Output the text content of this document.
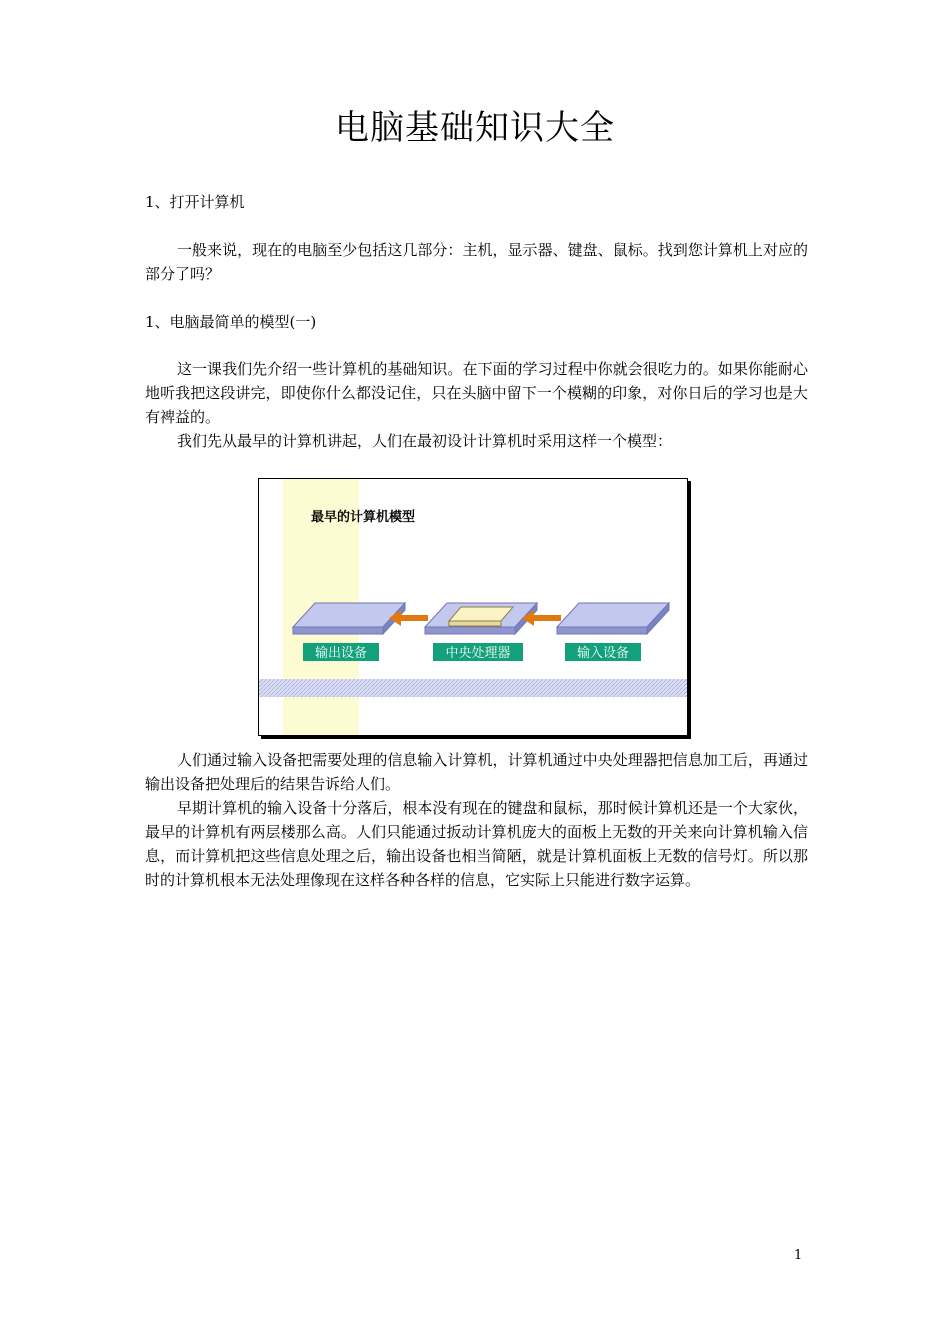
电脑基础知识大全
1、打开计算机
一般来说，现在的电脑至少包括这几部分：主机，显示器、键盘、鼠标。找到您计算机上对应的部分了吗？
1、电脑最简单的模型(一)
这一课我们先介绍一些计算机的基础知识。在下面的学习过程中你就会很吃力的。如果你能耐心地听我把这段讲完，即使你什么都没记住，只在头脑中留下一个模糊的印象，对你日后的学习也是大有裨益的。
我们先从最早的计算机讲起，人们在最初设计计算机时采用这样一个模型：
最早的计算机模型
输出设备	中央处理器	输入设备
人们通过输入设备把需要处理的信息输入计算机，计算机通过中央处理器把信息加工后，再通过输出设备把处理后的结果告诉给人们。
早期计算机的输入设备十分落后，根本没有现在的键盘和鼠标，那时候计算机还是一个大家伙，最早的计算机有两层楼那么高。人们只能通过扳动计算机庞大的面板上无数的开关来向计算机输入信息，而计算机把这些信息处理之后，输出设备也相当简陋，就是计算机面板上无数的信号灯。所以那时的计算机根本无法处理像现在这样各种各样的信息，它实际上只能进行数字运算。
1
